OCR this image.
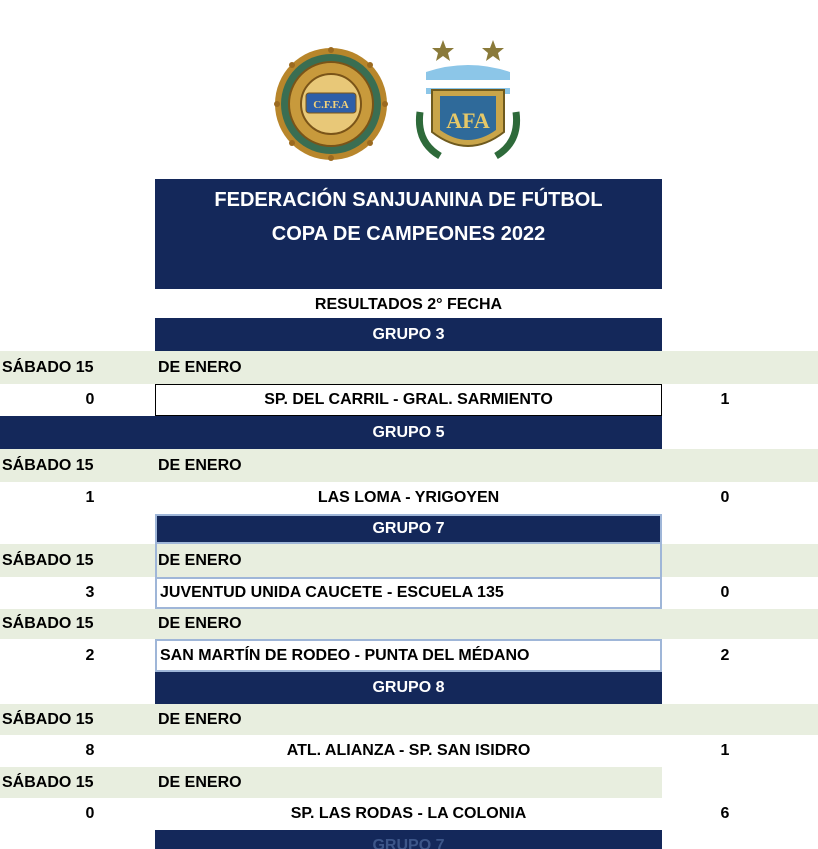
C.F.F.A
AFA
FEDERACIÓN SANJUANINA DE FÚTBOL
COPA DE CAMPEONES 2022
RESULTADOS 2° FECHA
GRUPO 3
SÁBADO 15	DE ENERO
0	SP. DEL CARRIL - GRAL. SARMIENTO	1
GRUPO 5
SÁBADO 15	DE ENERO
1	LAS LOMA - YRIGOYEN	0
GRUPO 7
SÁBADO 15	DE ENERO
3	JUVENTUD UNIDA CAUCETE - ESCUELA 135	0
SÁBADO 15	DE ENERO
2	SAN MARTÍN DE RODEO - PUNTA DEL MÉDANO	2
GRUPO 8
SÁBADO 15	DE ENERO
8	ATL. ALIANZA - SP. SAN ISIDRO	1
SÁBADO 15	DE ENERO
0	SP. LAS RODAS - LA COLONIA	6
GRUPO 7
